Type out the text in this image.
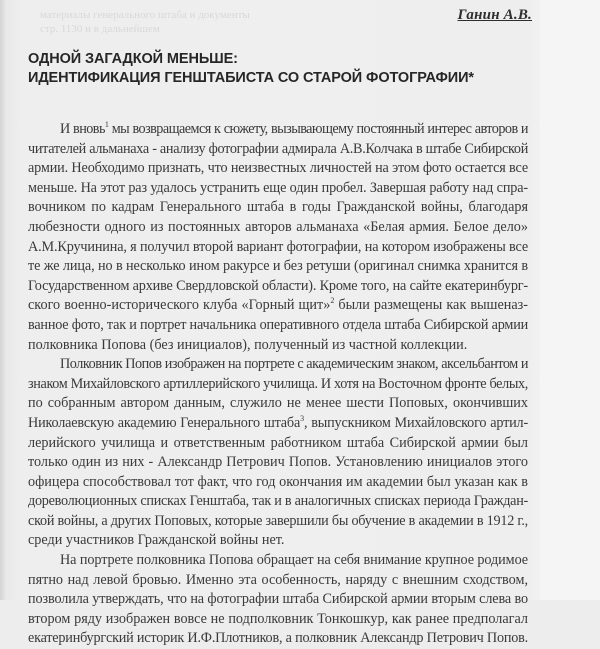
материалы генерального штаба и документы
стр. 1130 и в дальнейшем
Ганин А.В.
ОДНОЙ ЗАГАДКОЙ МЕНЬШЕ:
ИДЕНТИФИКАЦИЯ ГЕНШТАБИСТА СО СТАРОЙ ФОТОГРАФИИ*
И вновь$^1$ мы возвращаемся к сюжету, вызывающему постоянный интерес авторов и
читателей альманаха - анализу фотографии адмирала А.В.Колчака в штабе Сибирской
армии. Необходимо признать, что неизвестных личностей на этом фото остается все
меньше. На этот раз удалось устранить еще один пробел. Завершая работу над спра-
вочником по кадрам Генерального штаба в годы Гражданской войны, благодаря
любезности одного из постоянных авторов альманаха «Белая армия. Белое дело»
А.М.Кручинина, я получил второй вариант фотографии, на котором изображены все
те же лица, но в несколько ином ракурсе и без ретуши (оригинал снимка хранится в
Государственном архиве Свердловской области). Кроме того, на сайте екатеринбург-
ского военно-исторического клуба «Горный щит»$^2$ были размещены как вышеназ-
ванное фото, так и портрет начальника оперативного отдела штаба Сибирской армии
полковника Попова (без инициалов), полученный из частной коллекции.
Полковник Попов изображен на портрете с академическим знаком, аксельбантом и
знаком Михайловского артиллерийского училища. И хотя на Восточном фронте белых,
по собранным автором данным, служило не менее шести Поповых, окончивших
Николаевскую академию Генерального штаба$^3$, выпускником Михайловского артил-
лерийского училища и ответственным работником штаба Сибирской армии был
только один из них - Александр Петрович Попов. Установлению инициалов этого
офицера способствовал тот факт, что год окончания им академии был указан как в
дореволюционных списках Генштаба, так и в аналогичных списках периода Граждан-
ской войны, а других Поповых, которые завершили бы обучение в академии в 1912 г.,
среди участников Гражданской войны нет.
На портрете полковника Попова обращает на себя внимание крупное родимое
пятно над левой бровью. Именно эта особенность, наряду с внешним сходством,
позволила утверждать, что на фотографии штаба Сибирской армии вторым слева во
втором ряду изображен вовсе не подполковник Тонкошкур, как ранее предполагал
екатеринбургский историк И.Ф.Плотников, а полковник Александр Петрович Попов.
